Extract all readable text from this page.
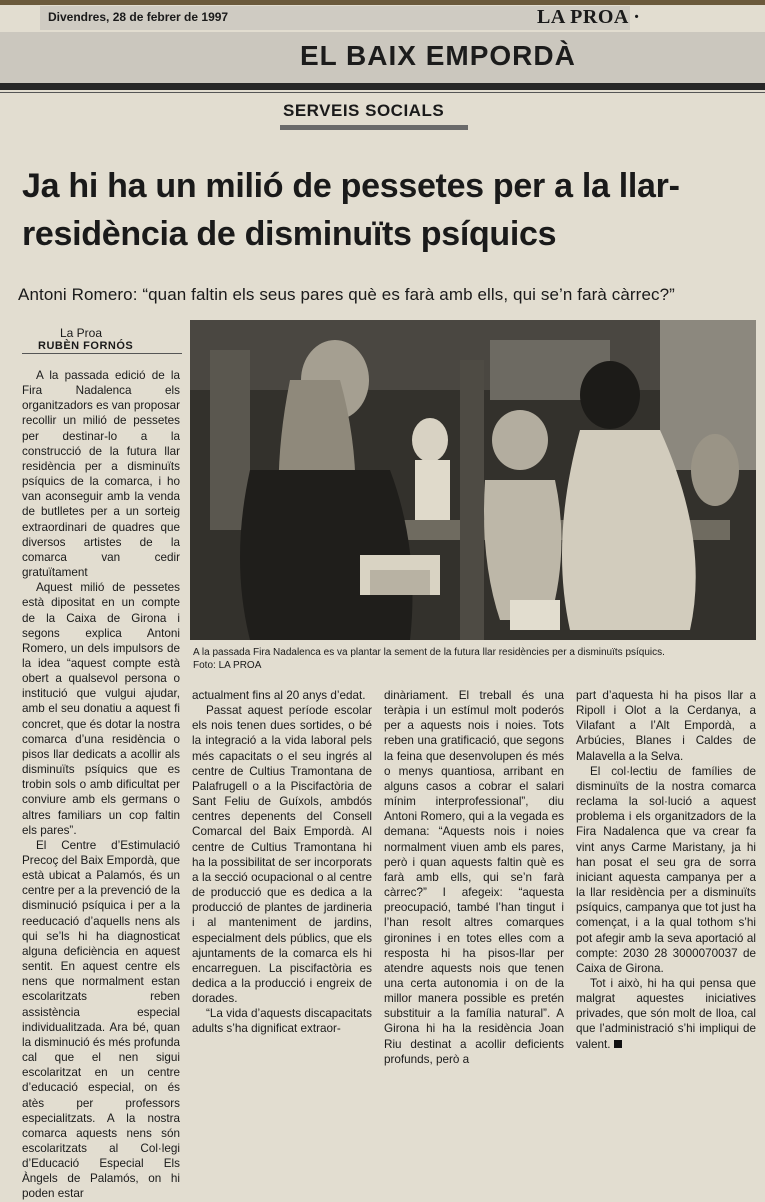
Divendres, 28 de febrer de 1997	LA PROA ·
EL BAIX EMPORDÀ
SERVEIS SOCIALS
Ja hi ha un milió de pessetes per a la llar-residència de disminuïts psíquics
Antoni Romero: “quan faltin els seus pares què es farà amb ells, qui se’n farà càrrec?”
La Proa
RUBÈN FORNÓS
A la passada Fira Nadalenca es va plantar la sement de la futura llar residències per a disminuïts psíquics.
Foto: LA PROA

A la passada edició de la Fira Nadalenca els organitzadors es van proposar recollir un milió de pessetes per destinar-lo a la construcció de la futura llar residència per a disminuïts psíquics de la comarca, i ho van aconseguir amb la venda de butlletes per a un sorteig extraordinari de quadres que diversos artistes de la comarca van cedir gratuïtament

Aquest milió de pessetes està dipositat en un compte de la Caixa de Girona i segons explica Antoni Romero, un dels impulsors de la idea “aquest compte està obert a qualsevol persona o institució que vulgui ajudar, amb el seu donatiu a aquest fi concret, que és dotar la nostra comarca d’una residència o pisos llar dedicats a acollir als disminuïts psíquics que es trobin sols o amb dificultat per conviure amb els germans o altres familiars un cop faltin els pares”.

El Centre d’Estimulació Precoç del Baix Empordà, que està ubicat a Palamós, és un centre per a la prevenció de la disminució psíquica i per a la reeducació d’aquells nens als qui se’ls hi ha diagnosticat alguna deficiència en aquest sentit. En aquest centre els nens que normalment estan escolaritzats reben assistència especial individualitzada. Ara bé, quan la disminució és més profunda cal que el nen sigui escolaritzat en un centre d’educació especial, on és atès per professors especialitzats. A la nostra comarca aquests nens són escolaritzats al Col·legi d’Educació Especial Els Àngels de Palamós, on hi poden estar

actualment fins al 20 anys d’edat.

Passat aquest període escolar els nois tenen dues sortides, o bé la integració a la vida laboral pels més capacitats o el seu ingrés al centre de Cultius Tramontana de Palafrugell o a la Piscifactòria de Sant Feliu de Guíxols, ambdós centres depenents del Consell Comarcal del Baix Empordà. Al centre de Cultius Tramontana hi ha la possibilitat de ser incorporats a la secció ocupacional o al centre de producció que es dedica a la producció de plantes de jardineria i al manteniment de jardins, especialment dels públics, que els ajuntaments de la comarca els hi encarreguen. La piscifactòria es dedica a la producció i engreix de dorades.

“La vida d’aquests discapacitats adults s’ha dignificat extraor-

dinàriament. El treball és una teràpia i un estímul molt poderós per a aquests nois i noies. Tots reben una gratificació, que segons la feina que desenvolupen és més o menys quantiosa, arribant en alguns casos a cobrar el salari mínim interprofessional”, diu Antoni Romero, qui a la vegada es demana: “Aquests nois i noies normalment viuen amb els pares, però i quan aquests faltin què es farà amb ells, qui se’n farà càrrec?” I afegeix: “aquesta preocupació, també l’han tingut i l’han resolt altres comarques gironines i en totes elles com a resposta hi ha pisos-llar per atendre aquests nois que tenen una certa autonomia i on de la millor manera possible es pretén substituir a la família natural”. A Girona hi ha la residència Joan Riu destinat a acollir deficients profunds, però a

part d’aquesta hi ha pisos llar a Ripoll i Olot a la Cerdanya, a Vilafant a l’Alt Empordà, a Arbúcies, Blanes i Caldes de Malavella a la Selva.

El col·lectiu de famílies de disminuïts de la nostra comarca reclama la sol·lució a aquest problema i els organitzadors de la Fira Nadalenca que va crear fa vint anys Carme Maristany, ja hi han posat el seu gra de sorra iniciant aquesta campanya per a la llar residència per a disminuïts psíquics, campanya que tot just ha començat, i a la qual tothom s’hi pot afegir amb la seva aportació al compte: 2030 28 3000070037 de Caixa de Girona.

Tot i això, hi ha qui pensa que malgrat aquestes iniciatives privades, que són molt de lloa, cal que l’administració s’hi impliqui de valent.
